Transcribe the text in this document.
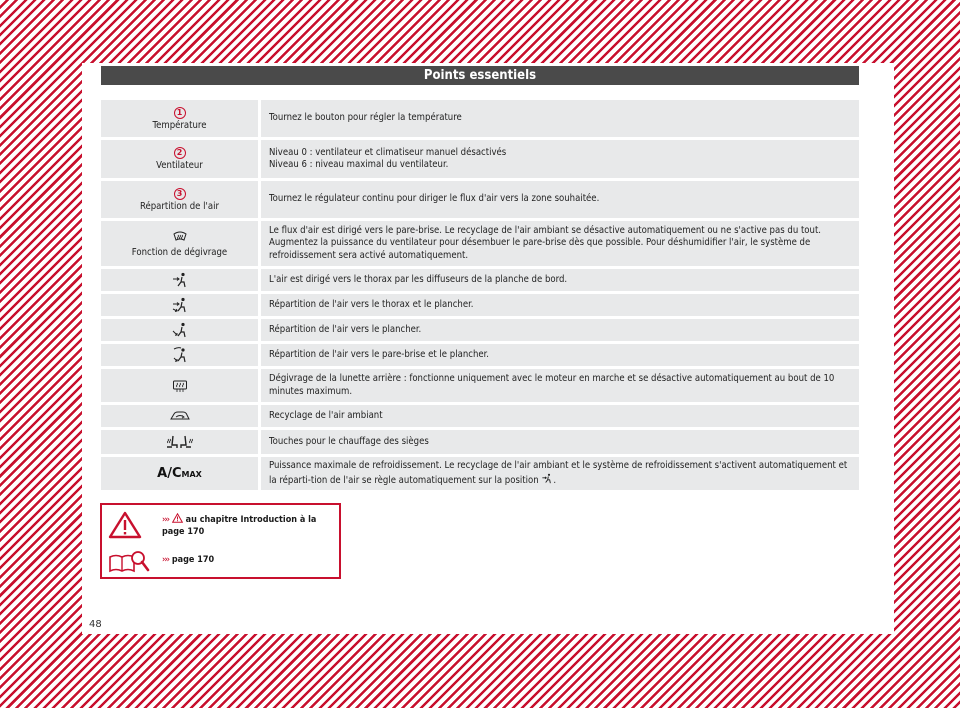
Points essentiels
1
Température
Tournez le bouton pour régler la température
2
Ventilateur
Niveau 0 : ventilateur et climatiseur manuel désactivés
Niveau 6 : niveau maximal du ventilateur.
3
Répartition de l'air
Tournez le régulateur continu pour diriger le flux d'air vers la zone souhaitée.
Fonction de dégivrage
Le flux d'air est dirigé vers le pare-brise. Le recyclage de l'air ambiant se désactive automatiquement ou ne s'active pas du tout. Augmentez la puissance du ventilateur pour désembuer le pare-brise dès que possible. Pour déshumidifier l'air, le système de refroidissement sera activé automatiquement.
L'air est dirigé vers le thorax par les diffuseurs de la planche de bord.
Répartition de l'air vers le thorax et le plancher.
Répartition de l'air vers le plancher.
Répartition de l'air vers le pare-brise et le plancher.
Dégivrage de la lunette arrière : fonctionne uniquement avec le moteur en marche et se désactive automatiquement au bout de 10 minutes maximum.
Recyclage de l'air ambiant
Touches pour le chauffage des sièges
A/CMAX
Puissance maximale de refroidissement. Le recyclage de l'air ambiant et le système de refroidissement s'activent automatiquement et la réparti-tion de l'air se règle automatiquement sur la position .

››› au chapitre Introduction à la page 170
››› page 170
48
